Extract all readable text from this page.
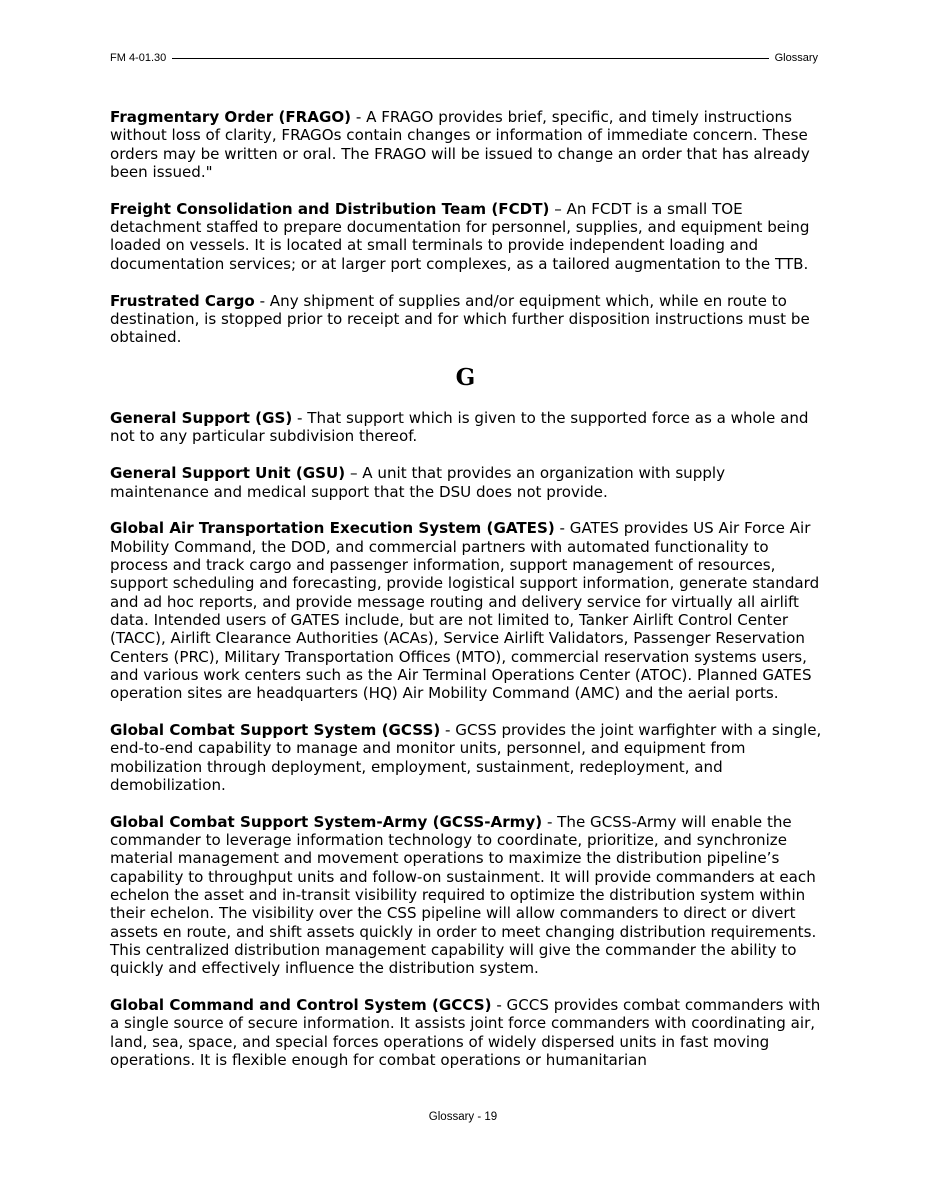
FM 4-01.30	Glossary

Fragmentary Order (FRAGO) - A FRAGO provides brief, specific, and timely instructions without loss of clarity, FRAGOs contain changes or information of immediate concern. These orders may be written or oral. The FRAGO will be issued to change an order that has already been issued."

Freight Consolidation and Distribution Team (FCDT) – An FCDT is a small TOE detachment staffed to prepare documentation for personnel, supplies, and equipment being loaded on vessels. It is located at small terminals to provide independent loading and documentation services; or at larger port complexes, as a tailored augmentation to the TTB.

Frustrated Cargo - Any shipment of supplies and/or equipment which, while en route to destination, is stopped prior to receipt and for which further disposition instructions must be obtained.

G

General Support (GS) - That support which is given to the supported force as a whole and not to any particular subdivision thereof.

General Support Unit (GSU) – A unit that provides an organization with supply maintenance and medical support that the DSU does not provide.

Global Air Transportation Execution System (GATES) - GATES provides US Air Force Air Mobility Command, the DOD, and commercial partners with automated functionality to process and track cargo and passenger information, support management of resources, support scheduling and forecasting, provide logistical support information, generate standard and ad hoc reports, and provide message routing and delivery service for virtually all airlift data. Intended users of GATES include, but are not limited to, Tanker Airlift Control Center (TACC), Airlift Clearance Authorities (ACAs), Service Airlift Validators, Passenger Reservation Centers (PRC), Military Transportation Offices (MTO), commercial reservation systems users, and various work centers such as the Air Terminal Operations Center (ATOC). Planned GATES operation sites are headquarters (HQ) Air Mobility Command (AMC) and the aerial ports.

Global Combat Support System (GCSS) - GCSS provides the joint warfighter with a single, end-to-end capability to manage and monitor units, personnel, and equipment from mobilization through deployment, employment, sustainment, redeployment, and demobilization.

Global Combat Support System-Army (GCSS-Army) - The GCSS-Army will enable the commander to leverage information technology to coordinate, prioritize, and synchronize material management and movement operations to maximize the distribution pipeline’s capability to throughput units and follow-on sustainment. It will provide commanders at each echelon the asset and in-transit visibility required to optimize the distribution system within their echelon. The visibility over the CSS pipeline will allow commanders to direct or divert assets en route, and shift assets quickly in order to meet changing distribution requirements. This centralized distribution management capability will give the commander the ability to quickly and effectively influence the distribution system.

Global Command and Control System (GCCS) - GCCS provides combat commanders with a single source of secure information. It assists joint force commanders with coordinating air, land, sea, space, and special forces operations of widely dispersed units in fast moving operations. It is flexible enough for combat operations or humanitarian

Glossary - 19
